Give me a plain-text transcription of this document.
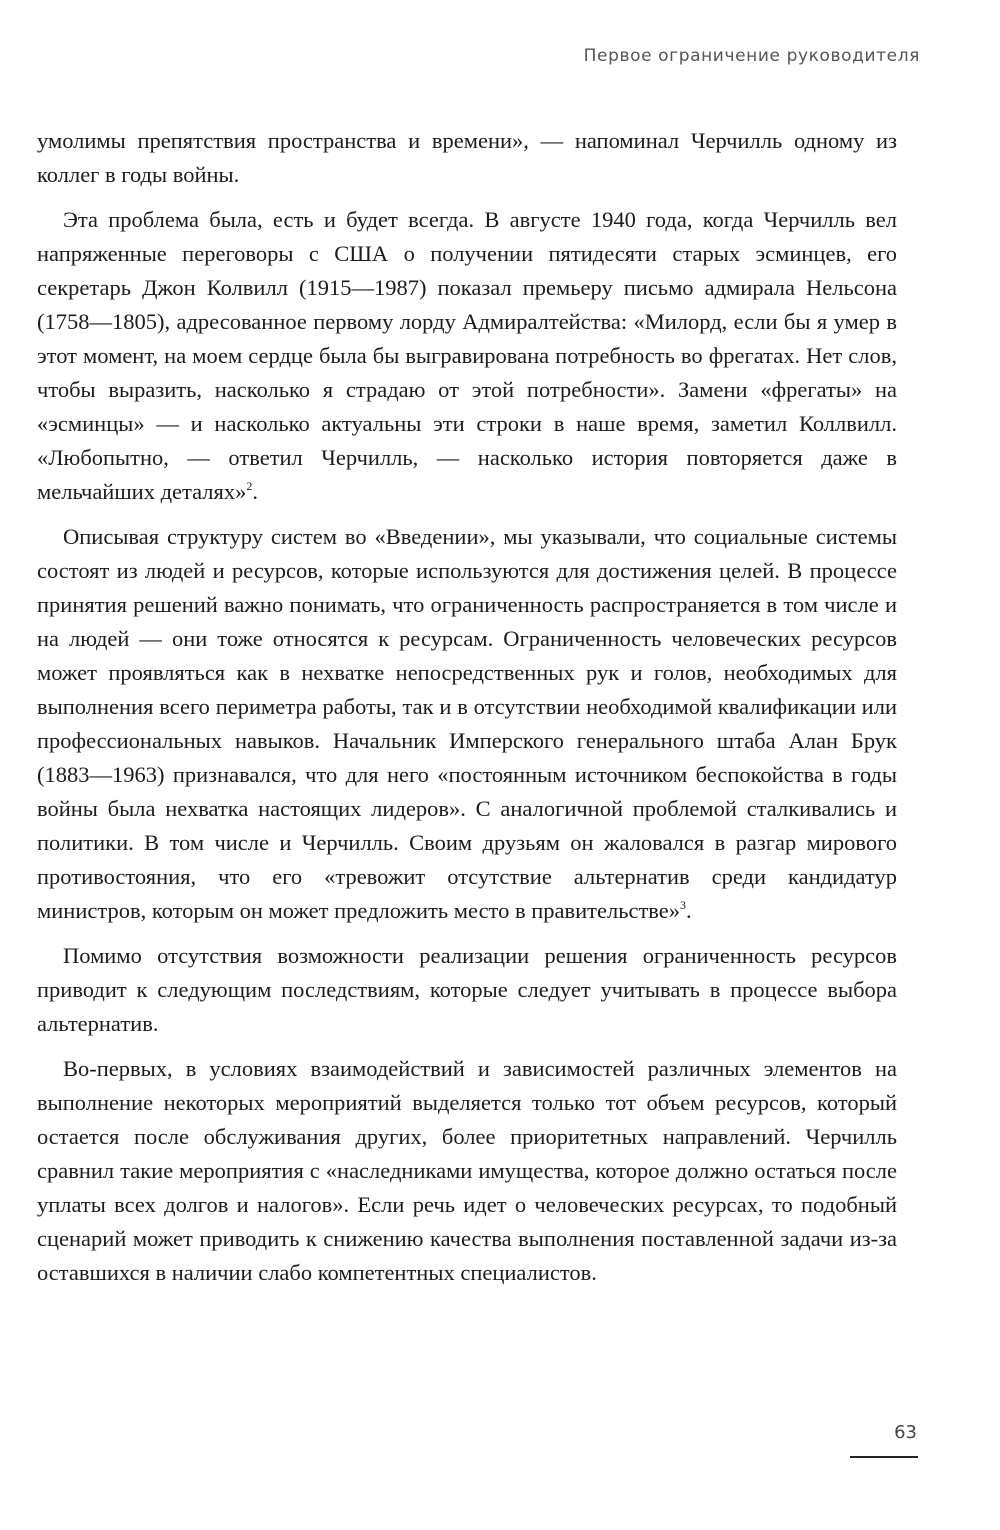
Первое ограничение руководителя

умолимы препятствия пространства и времени», — напоминал Черчилль одному из коллег в годы войны.

Эта проблема была, есть и будет всегда. В августе 1940 года, когда Черчилль вел напряженные переговоры с США о получении пятидесяти старых эсминцев, его секретарь Джон Колвилл (1915—1987) показал премьеру письмо адмирала Нельсона (1758—1805), адресованное первому лорду Адмиралтейства: «Милорд, если бы я умер в этот момент, на моем сердце была бы выгравирована потребность во фрегатах. Нет слов, чтобы выразить, насколько я страдаю от этой потребности». Замени «фрегаты» на «эсминцы» — и насколько актуальны эти строки в наше время, заметил Коллвилл. «Любопытно, — ответил Черчилль, — насколько история повторяется даже в мельчайших деталях»$^2$.

Описывая структуру систем во «Введении», мы указывали, что социальные системы состоят из людей и ресурсов, которые используются для достижения целей. В процессе принятия решений важно понимать, что ограниченность распространяется в том числе и на людей — они тоже относятся к ресурсам. Ограниченность человеческих ресурсов может проявляться как в нехватке непосредственных рук и голов, необходимых для выполнения всего периметра работы, так и в отсутствии необходимой квалификации или профессиональных навыков. Начальник Имперского генерального штаба Алан Брук (1883—1963) признавался, что для него «постоянным источником беспокойства в годы войны была нехватка настоящих лидеров». С аналогичной проблемой сталкивались и политики. В том числе и Черчилль. Своим друзьям он жаловался в разгар мирового противостояния, что его «тревожит отсутствие альтернатив среди кандидатур министров, которым он может предложить место в правительстве»$^3$.

Помимо отсутствия возможности реализации решения ограниченность ресурсов приводит к следующим последствиям, которые следует учитывать в процессе выбора альтернатив.

Во-первых, в условиях взаимодействий и зависимостей различных элементов на выполнение некоторых мероприятий выделяется только тот объем ресурсов, который остается после обслуживания других, более приоритетных направлений. Черчилль сравнил такие мероприятия с «наследниками имущества, которое должно остаться после уплаты всех долгов и налогов». Если речь идет о человеческих ресурсах, то подобный сценарий может приводить к снижению качества выполнения поставленной задачи из-за оставшихся в наличии слабо компетентных специалистов.

63
